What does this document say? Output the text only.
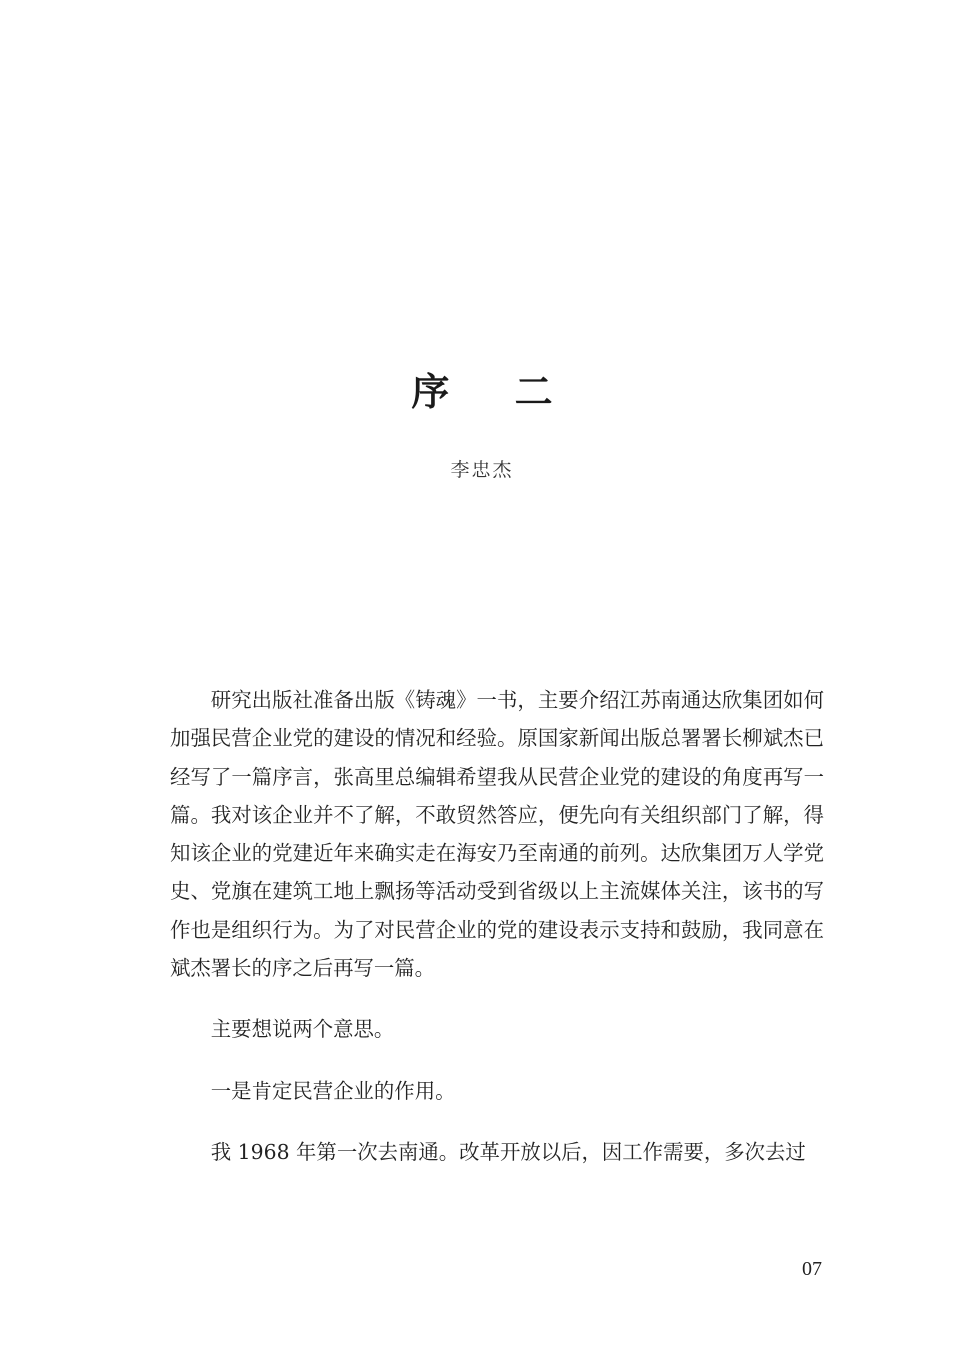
序 二

李忠杰

研究出版社准备出版《铸魂》一书，主要介绍江苏南通达欣集团如何加强民营企业党的建设的情况和经验。原国家新闻出版总署署长柳斌杰已经写了一篇序言，张高里总编辑希望我从民营企业党的建设的角度再写一篇。我对该企业并不了解，不敢贸然答应，便先向有关组织部门了解，得知该企业的党建近年来确实走在海安乃至南通的前列。达欣集团万人学党史、党旗在建筑工地上飘扬等活动受到省级以上主流媒体关注，该书的写作也是组织行为。为了对民营企业的党的建设表示支持和鼓励，我同意在斌杰署长的序之后再写一篇。

主要想说两个意思。

一是肯定民营企业的作用。

我 1968 年第一次去南通。改革开放以后，因工作需要，多次去过

07
